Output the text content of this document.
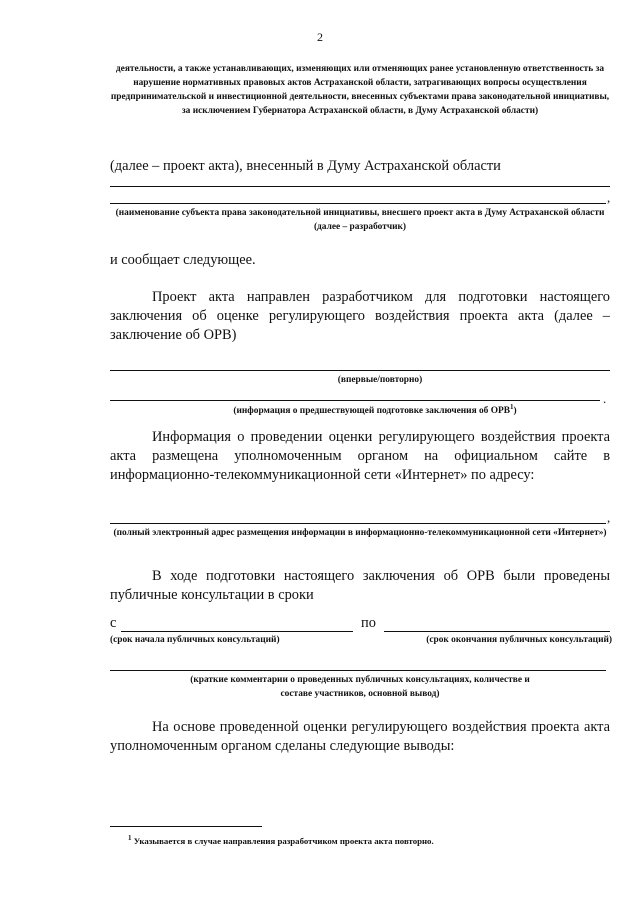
2
деятельности, а также устанавливающих, изменяющих или отменяющих ранее установленную ответственность за нарушение нормативных правовых актов Астраханской области, затрагивающих вопросы осуществления предпринимательской и инвестиционной деятельности, внесенных субъектами права законодательной инициативы, за исключением Губернатора Астраханской области, в Думу Астраханской области)
(далее – проект акта), внесенный в Думу Астраханской области
,
(наименование субъекта права законодательной инициативы, внесшего проект акта в Думу Астраханской области (далее – разработчик)
и сообщает следующее.
Проект акта направлен разработчиком для подготовки настоящего заключения об оценке регулирующего воздействия проекта акта (далее – заключение об ОРВ)
(впервые/повторно)
.
(информация о предшествующей подготовке заключения об ОРВ$^1$)
Информация о проведении оценки регулирующего воздействия проекта акта размещена уполномоченным органом на официальном сайте в информационно-телекоммуникационной сети «Интернет» по адресу:
,
(полный электронный адрес размещения информации в информационно-телекоммуникационной сети «Интернет»)
В ходе подготовки настоящего заключения об ОРВ были проведены публичные консультации в сроки
с	по
(срок начала публичных консультаций)	(срок окончания публичных консультаций)
(краткие комментарии о проведенных публичных консультациях, количестве и составе участников, основной вывод)
На основе проведенной оценки регулирующего воздействия проекта акта уполномоченным органом сделаны следующие выводы:
$^1$ Указывается в случае направления разработчиком проекта акта повторно.
